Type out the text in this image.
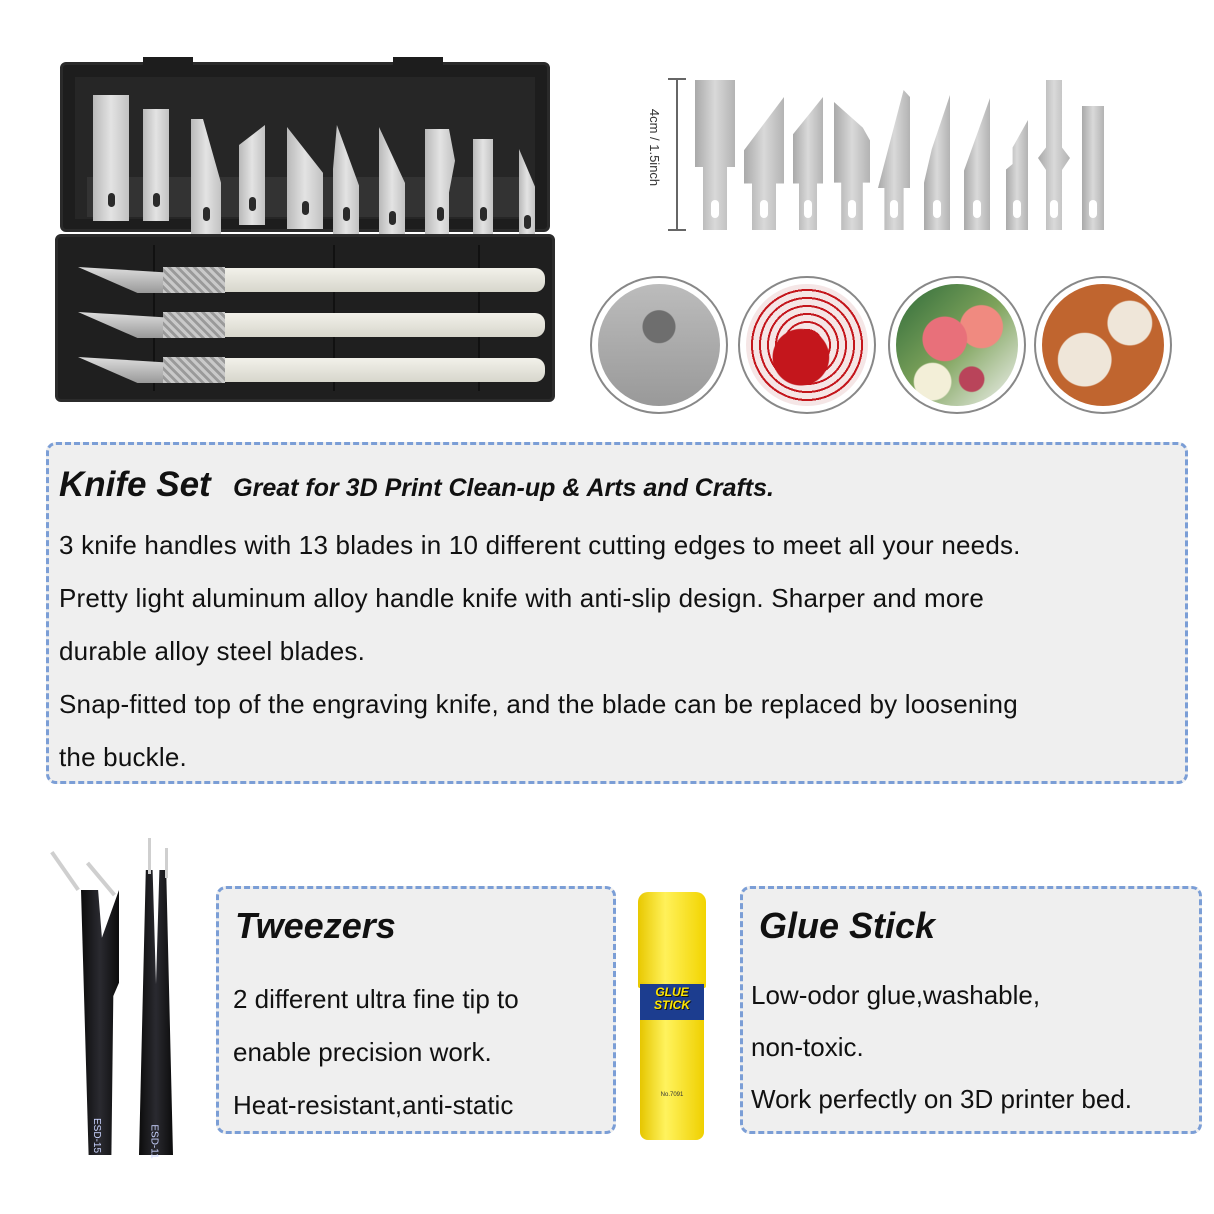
4cm / 1.5inch
Knife Set Great for 3D Print Clean-up & Arts and Crafts.
3 knife handles with 13 blades in 10 different cutting edges to meet all your needs.
Pretty light aluminum alloy handle knife with anti-slip design. Sharper and more
durable alloy steel blades.
Snap-fitted top of the engraving knife, and the blade can be replaced by loosening
the buckle.
ESD-15	ESD-11
Tweezers
2 different ultra fine tip to
enable precision work.
Heat-resistant,anti-static
GLUE STICK
No.7091
Glue Stick
Low-odor glue,washable,
non-toxic.
Work perfectly on 3D printer bed.
